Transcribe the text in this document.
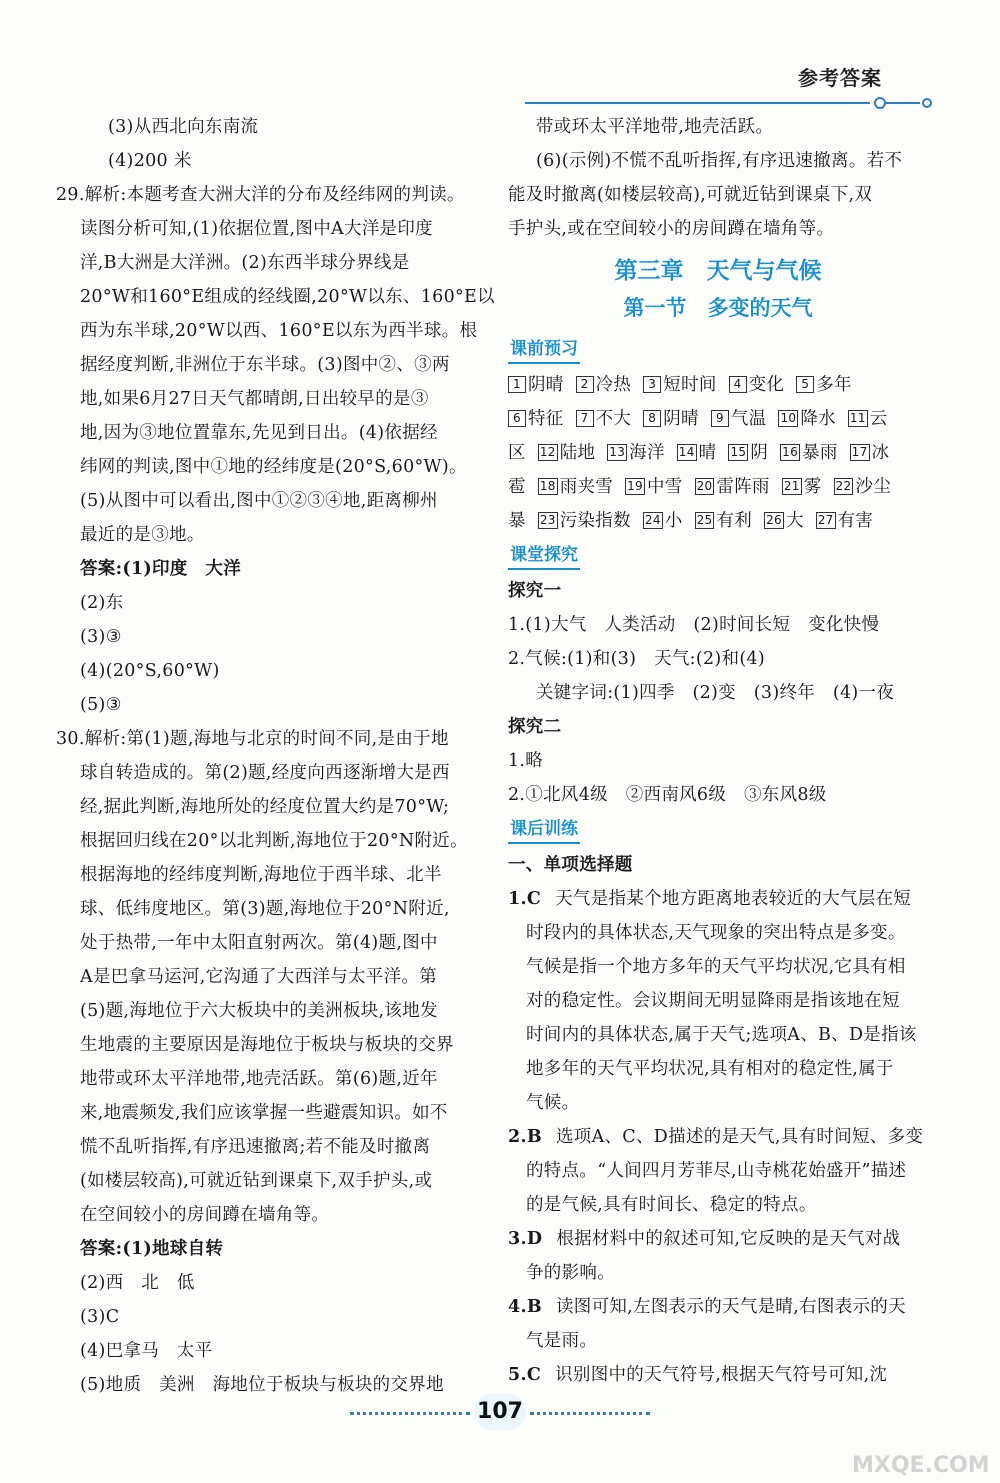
参考答案
(3)从西北向东南流
(4)200 米
29.解析:本题考查大洲大洋的分布及经纬网的判读。
读图分析可知,(1)依据位置,图中A大洋是印度
洋,B大洲是大洋洲。(2)东西半球分界线是
20°W和160°E组成的经线圈,20°W以东、160°E以
西为东半球,20°W以西、160°E以东为西半球。根
据经度判断,非洲位于东半球。(3)图中②、③两
地,如果6月27日天气都晴朗,日出较早的是③
地,因为③地位置靠东,先见到日出。(4)依据经
纬网的判读,图中①地的经纬度是(20°S,60°W)。
(5)从图中可以看出,图中①②③④地,距离柳州
最近的是③地。
答案:(1)印度　大洋
(2)东
(3)③
(4)(20°S,60°W)
(5)③
30.解析:第(1)题,海地与北京的时间不同,是由于地
球自转造成的。第(2)题,经度向西逐渐增大是西
经,据此判断,海地所处的经度位置大约是70°W;
根据回归线在20°以北判断,海地位于20°N附近。
根据海地的经纬度判断,海地位于西半球、北半
球、低纬度地区。第(3)题,海地位于20°N附近,
处于热带,一年中太阳直射两次。第(4)题,图中
A是巴拿马运河,它沟通了大西洋与太平洋。第
(5)题,海地位于六大板块中的美洲板块,该地发
生地震的主要原因是海地位于板块与板块的交界
地带或环太平洋地带,地壳活跃。第(6)题,近年
来,地震频发,我们应该掌握一些避震知识。如不
慌不乱听指挥,有序迅速撤离;若不能及时撤离
(如楼层较高),可就近钻到课桌下,双手护头,或
在空间较小的房间蹲在墙角等。
答案:(1)地球自转
(2)西　北　低
(3)C
(4)巴拿马　太平
(5)地质　美洲　海地位于板块与板块的交界地
带或环太平洋地带,地壳活跃。
(6)(示例)不慌不乱听指挥,有序迅速撤离。若不
能及时撤离(如楼层较高),可就近钻到课桌下,双
手护头,或在空间较小的房间蹲在墙角等。
第三章　天气与气候
第一节　多变的天气
课前预习
1 阴晴	2 冷热	3 短时间	4 变化	5 多年
6 特征	7 不大	8 阴晴	9 气温 10 降水 11 云
区 12 陆地 13 海洋 14 晴 15 阴 16 暴雨 17 冰
雹 18 雨夹雪 19 中雪 20 雷阵雨 21 雾 22 沙尘
暴 23 污染指数 24 小 25 有利 26 大 27 有害
课堂探究
探究一
1.(1)大气　人类活动　(2)时间长短　变化快慢
2.气候:(1)和(3)　天气:(2)和(4)
关键字词:(1)四季　(2)变　(3)终年　(4)一夜
探究二
1.略
2.①北风4级　②西南风6级　③东风8级
课后训练
一、单项选择题
1.C 天气是指某个地方距离地表较近的大气层在短
时段内的具体状态,天气现象的突出特点是多变。
气候是指一个地方多年的天气平均状况,它具有相
对的稳定性。会议期间无明显降雨是指该地在短
时间内的具体状态,属于天气;选项A、B、D是指该
地多年的天气平均状况,具有相对的稳定性,属于
气候。
2.B 选项A、C、D描述的是天气,具有时间短、多变
的特点。“人间四月芳菲尽,山寺桃花始盛开”描述
的是气候,具有时间长、稳定的特点。
3.D 根据材料中的叙述可知,它反映的是天气对战
争的影响。
4.B 读图可知,左图表示的天气是晴,右图表示的天
气是雨。
5.C 识别图中的天气符号,根据天气符号可知,沈
107
MXQE.COM
